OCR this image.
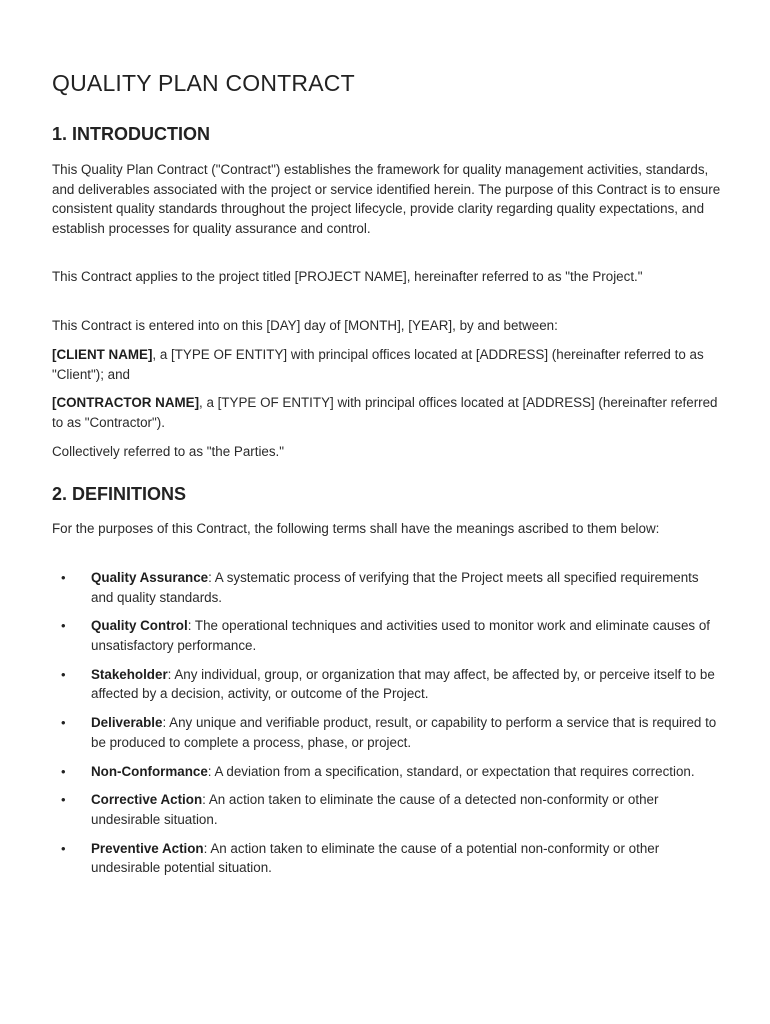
QUALITY PLAN CONTRACT
1. INTRODUCTION

This Quality Plan Contract ("Contract") establishes the framework for quality management activities, standards, and deliverables associated with the project or service identified herein. The purpose of this Contract is to ensure consistent quality standards throughout the project lifecycle, provide clarity regarding quality expectations, and establish processes for quality assurance and control.

This Contract applies to the project titled [PROJECT NAME], hereinafter referred to as "the Project."

This Contract is entered into on this [DAY] day of [MONTH], [YEAR], by and between:

[CLIENT NAME], a [TYPE OF ENTITY] with principal offices located at [ADDRESS] (hereinafter referred to as "Client"); and

[CONTRACTOR NAME], a [TYPE OF ENTITY] with principal offices located at [ADDRESS] (hereinafter referred to as "Contractor").

Collectively referred to as "the Parties."

2. DEFINITIONS

For the purposes of this Contract, the following terms shall have the meanings ascribed to them below:

• Quality Assurance: A systematic process of verifying that the Project meets all specified requirements and quality standards.
• Quality Control: The operational techniques and activities used to monitor work and eliminate causes of unsatisfactory performance.
• Stakeholder: Any individual, group, or organization that may affect, be affected by, or perceive itself to be affected by a decision, activity, or outcome of the Project.
• Deliverable: Any unique and verifiable product, result, or capability to perform a service that is required to be produced to complete a process, phase, or project.
• Non-Conformance: A deviation from a specification, standard, or expectation that requires correction.
• Corrective Action: An action taken to eliminate the cause of a detected non-conformity or other undesirable situation.
• Preventive Action: An action taken to eliminate the cause of a potential non-conformity or other undesirable potential situation.
